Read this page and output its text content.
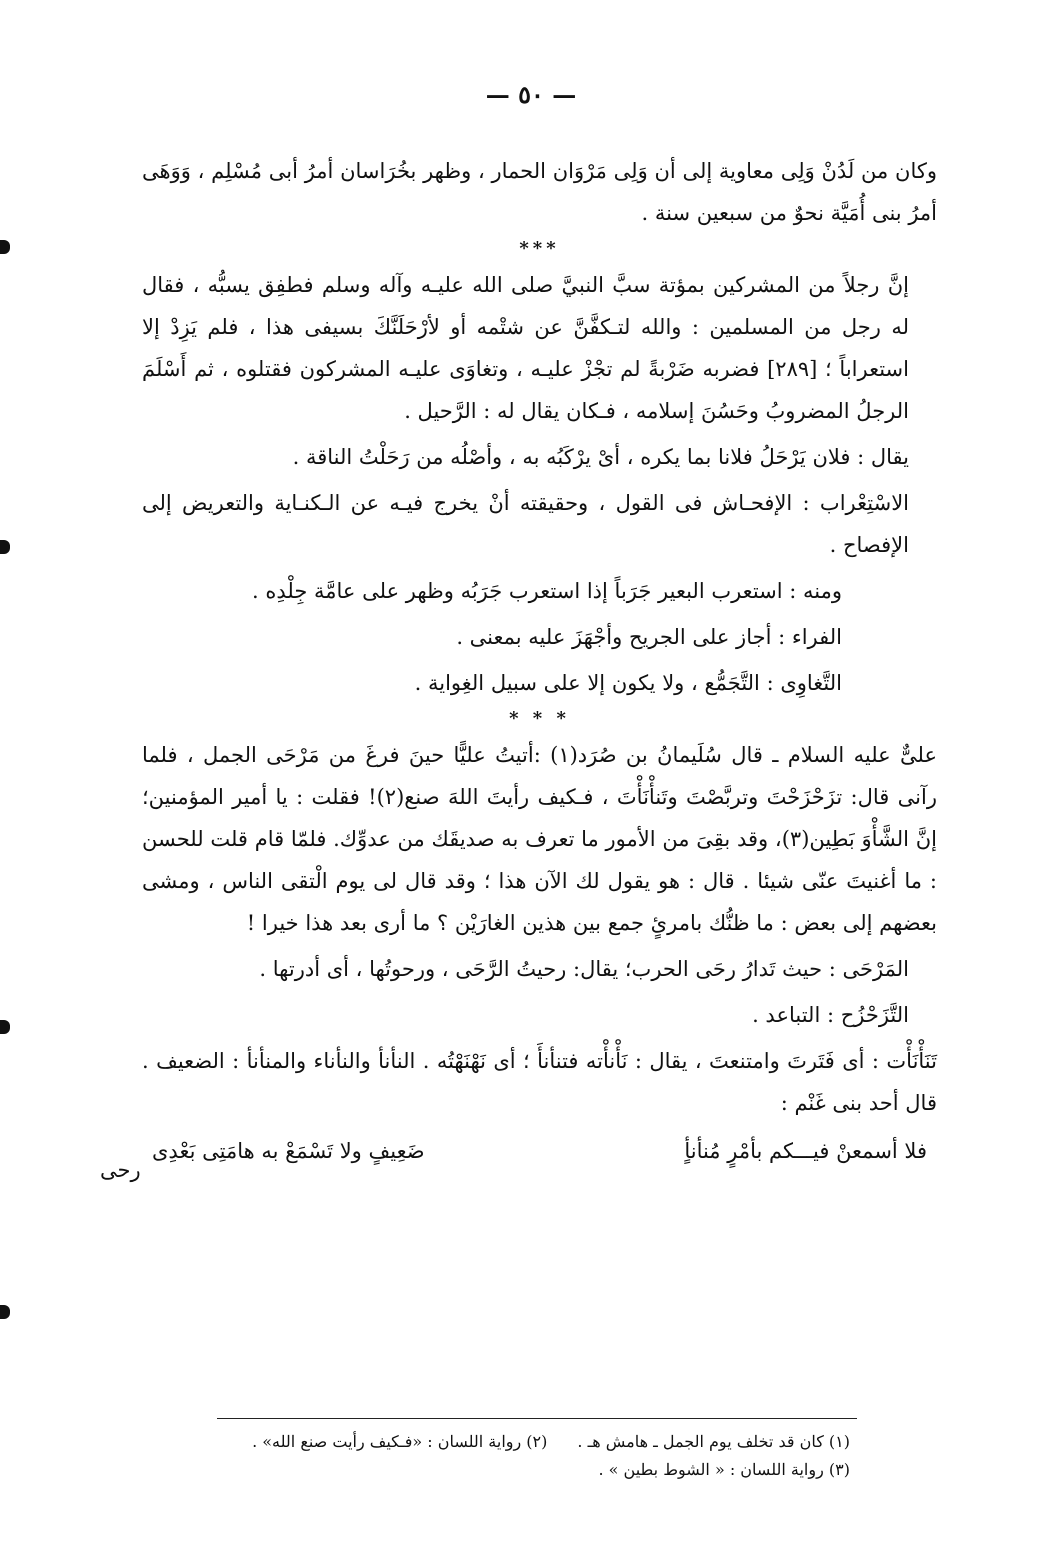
— ٥٠ —

وكان من لَدُنْ وَلِى معاوية إلى أن وَلِى مَرْوَان الحمار ، وظهر بخُرَاسان أمرُ أبى مُسْلِم ، وَوَهَى أمرُ بنى أُمَيَّة نحوٌ من سبعين سنة .

***

إنَّ رجلاً من المشركين بمؤتة سبَّ النبيَّ صلى الله عليـه وآله وسلم فطفِق يسبُّه ، فقال له رجل من المسلمين : والله لتـكفَّنَّ عن شتْمه أو لأرْحَلَنَّكَ بسيفى هذا ، فلم يَزِدْ إلا استعراباً ؛ [٢٨٩] فضربه ضَرْبةً لم تجْزْ عليـه ، وتغاوَى عليـه المشركون فقتلوه ، ثم أَسْلَمَ الرجلُ المضروبُ وحَسُنَ إسلامه ، فـكان يقال له : الرَّحيل .

يقال : فلان يَرْحَلُ فلانا بما يكره ، أىْ يرْكَبُه به ، وأصْلُه من رَحَلْتُ الناقة .

الاسْتِعْراب : الإفحـاش فى القول ، وحقيقته أنْ يخرج فيـه عن الـكنـاية والتعريض إلى الإفصاح .

ومنه : استعرب البعير جَرَباً إذا استعرب جَرَبُه وظهر على عامَّة جِلْدِه .

الفراء : أجاز على الجريح وأجْهَزَ عليه بمعنى .

التَّغاوِى : التَّجَمُّع ، ولا يكون إلا على سبيل الغِواية .

* * *

علىٌّ عليه السلام ـ قال سُلَيمانُ بن صُرَد(١) :أتيتُ عليًّا حينَ فرغَ من مَرْحَى الجمل ، فلما رآنى قال: تزَحْزَحْتَ وتربَّصْتَ وتَنأْنَأْتَ ، فـكيف رأيتَ اللهَ صنع(٢)! فقلت : يا أمير المؤمنين؛ إنَّ الشَّأْوَ بَطِين(٣)، وقد بقِىَ من الأمور ما تعرف به صديقَك من عدوِّك. فلمّا قام قلت للحسن : ما أغنيتَ عنّى شيئا . قال : هو يقول لك الآن هذا ؛ وقد قال لى يوم الْتقى الناس ، ومشى بعضهم إلى بعض : ما ظنُّك بامرئٍ جمع بين هذين الغارَيْن ؟ ما أرى بعد هذا خيرا !

المَرْحَى : حيث تَدارُ رحَى الحرب؛ يقال: رحيتُ الرَّحَى ، ورحوتُها ، أى أدرتها .

التَّزَحْزُح : التباعد .

تَنَأْنَأْت : أى فَتَرتَ وامتنعتَ ، يقال : نَأْنأْته فتنأنأَ ؛ أى نَهْنَهْتُه . النأنأ والنأناء والمنأنأ : الضعيف . قال أحد بنى غَنْم :

فلا أسمعنْ فيـــكم بأمْرٍ مُنأنأٍ
ضَعِيفٍ ولا تَسْمَعْ به هامَتِى بَعْدِى
رحى
(١) كان قد تخلف يوم الجمل ـ هامش هـ .
(٢) رواية اللسان : «فـكيف رأيت صنع الله» .
(٣) رواية اللسان : « الشوط بطين » .
